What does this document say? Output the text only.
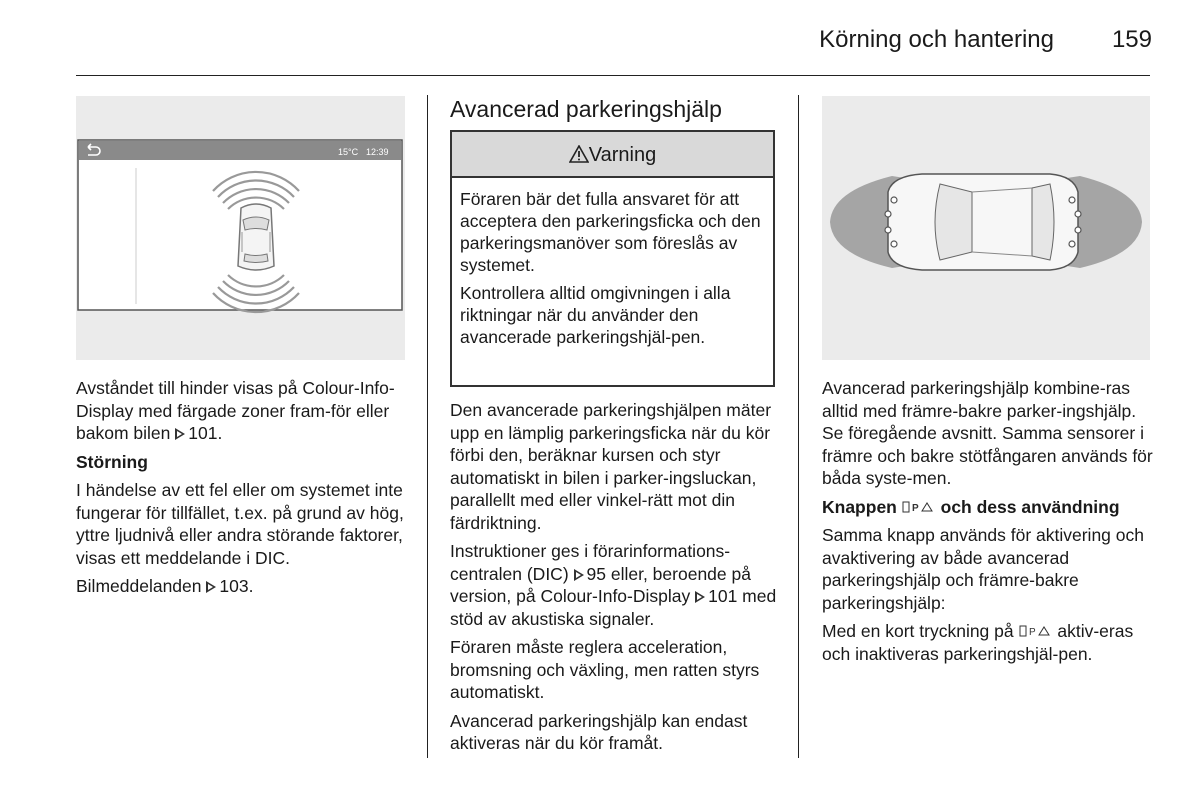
Körning och hantering	159
15°C 12:39

Avståndet till hinder visas på Colour-Info-Display med färgade zoner fram-för eller bakom bilen 101.

Störning

I händelse av ett fel eller om systemet inte fungerar för tillfället, t.ex. på grund av hög, yttre ljudnivå eller andra störande faktorer, visas ett meddelande i DIC.

Bilmeddelanden 103.

Avancerad parkeringshjälp
Varning

Föraren bär det fulla ansvaret för att acceptera den parkeringsficka och den parkeringsmanöver som föreslås av systemet.

Kontrollera alltid omgivningen i alla riktningar när du använder den avancerade parkeringshjäl-pen.

Den avancerade parkeringshjälpen mäter upp en lämplig parkeringsficka när du kör förbi den, beräknar kursen och styr automatiskt in bilen i parker-ingsluckan, parallellt med eller vinkel-rätt mot din färdriktning.

Instruktioner ges i förarinformations-centralen (DIC) 95 eller, beroende på version, på Colour-Info-Display 101 med stöd av akustiska signaler.

Föraren måste reglera acceleration, bromsning och växling, men ratten styrs automatiskt.

Avancerad parkeringshjälp kan endast aktiveras när du kör framåt.

Avancerad parkeringshjälp kombine-ras alltid med främre-bakre parker-ingshjälp. Se föregående avsnitt. Samma sensorer i främre och bakre stötfångaren används för båda syste-men.

Knappen P och dess användning

Samma knapp används för aktivering och avaktivering av både avancerad parkeringshjälp och främre-bakre parkeringshjälp:

Med en kort tryckning på P aktiv-eras och inaktiveras parkeringshjäl-pen.
